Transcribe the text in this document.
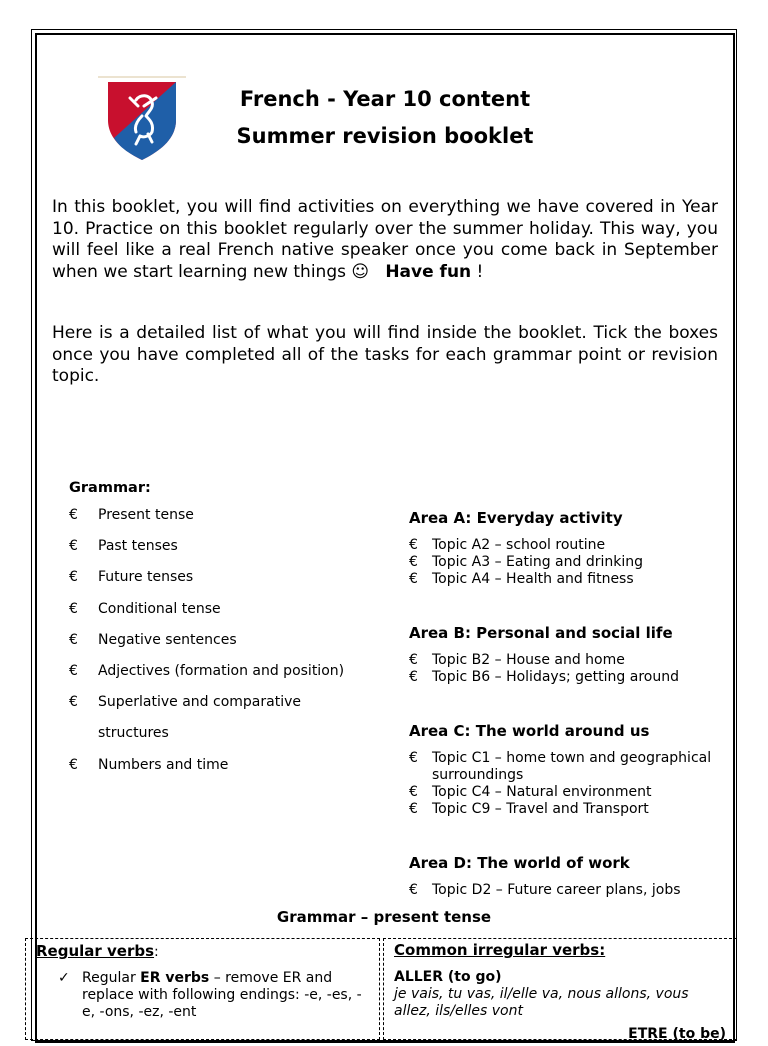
French - Year 10 content
Summer revision booklet

In this booklet, you will find activities on everything we have covered in Year 10. Practice on this booklet regularly over the summer holiday. This way, you will feel like a real French native speaker once you come back in September when we start learning new things ☺ Have fun !

Here is a detailed list of what you will find inside the booklet. Tick the boxes once you have completed all of the tasks for each grammar point or revision topic.

Grammar:
€	Present tense
€	Past tenses
€	Future tenses
€	Conditional tense
€	Negative sentences
€	Adjectives (formation and position)
€	Superlative and comparative
structures
€	Numbers and time
Area A: Everyday activity
€	Topic A2 – school routine
€	Topic A3 – Eating and drinking
€	Topic A4 – Health and fitness
Area B: Personal and social life
€	Topic B2 – House and home
€	Topic B6 – Holidays; getting around
Area C: The world around us
€	Topic C1 – home town and geographical surroundings
€	Topic C4 – Natural environment
€	Topic C9 – Travel and Transport
Area D: The world of work
€	Topic D2 – Future career plans, jobs
Grammar – present tense
Regular verbs:
✓ Regular ER verbs – remove ER and replace with following endings: -e, -es, -e, -ons, -ez, -ent
Common irregular verbs:
ALLER (to go)
je vais, tu vas, il/elle va, nous allons, vous allez, ils/elles vont
ETRE (to be)
